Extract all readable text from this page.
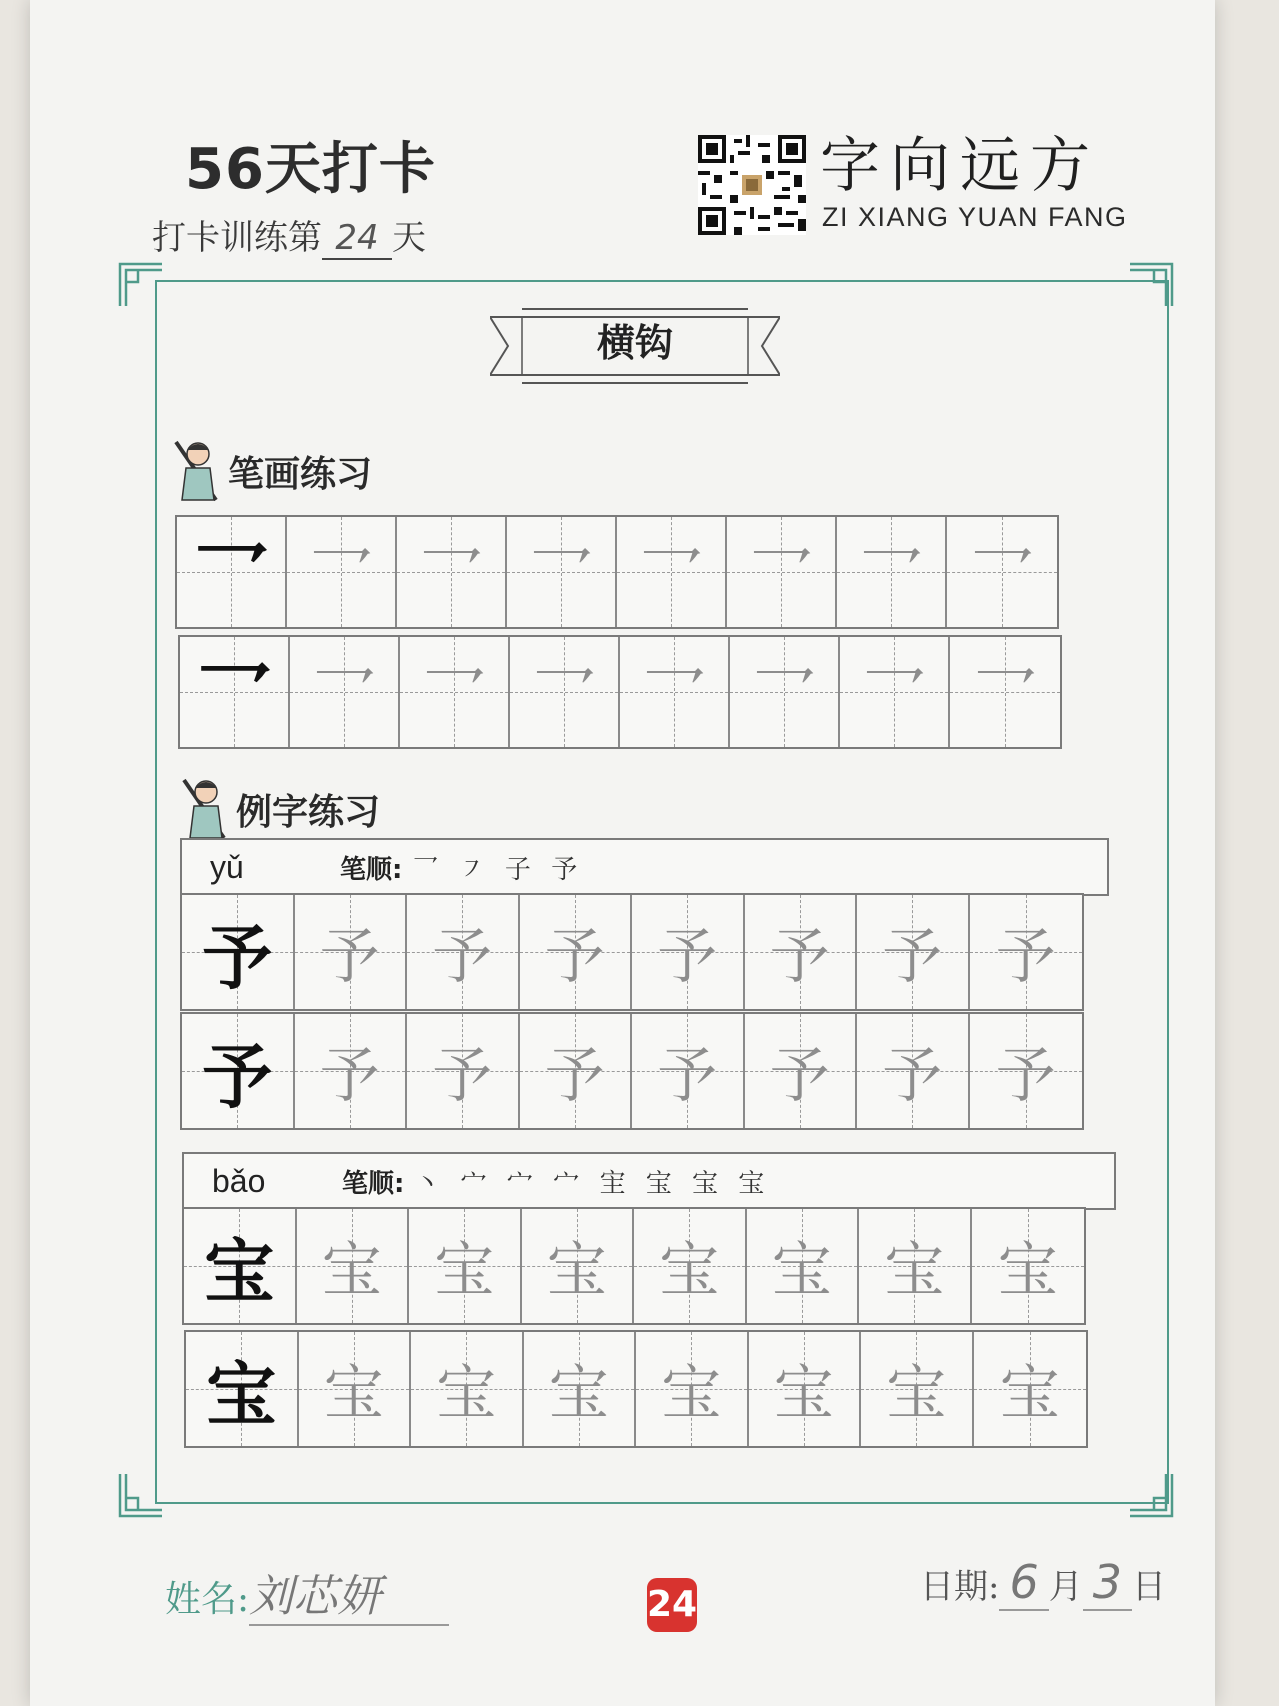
56天打卡
打卡训练第 24 天
字向远方
ZI XIANG YUAN FANG
横钩
笔画练习
乛 乛 乛 乛 乛 乛 乛 乛
乛 乛 乛 乛 乛 乛 乛 乛
例字练习
yǔ	笔顺: 乛 ㇇ 子 予
予 予 予 予 予 予 予 予
予 予 予 予 予 予 予 予
bǎo	笔顺: 丶 宀 宀 宀 宔 宝 宝 宝
宝 宝 宝 宝 宝 宝 宝 宝
宝 宝 宝 宝 宝 宝 宝 宝
姓名:刘芯妍	24	日期: 6 月 3 日
